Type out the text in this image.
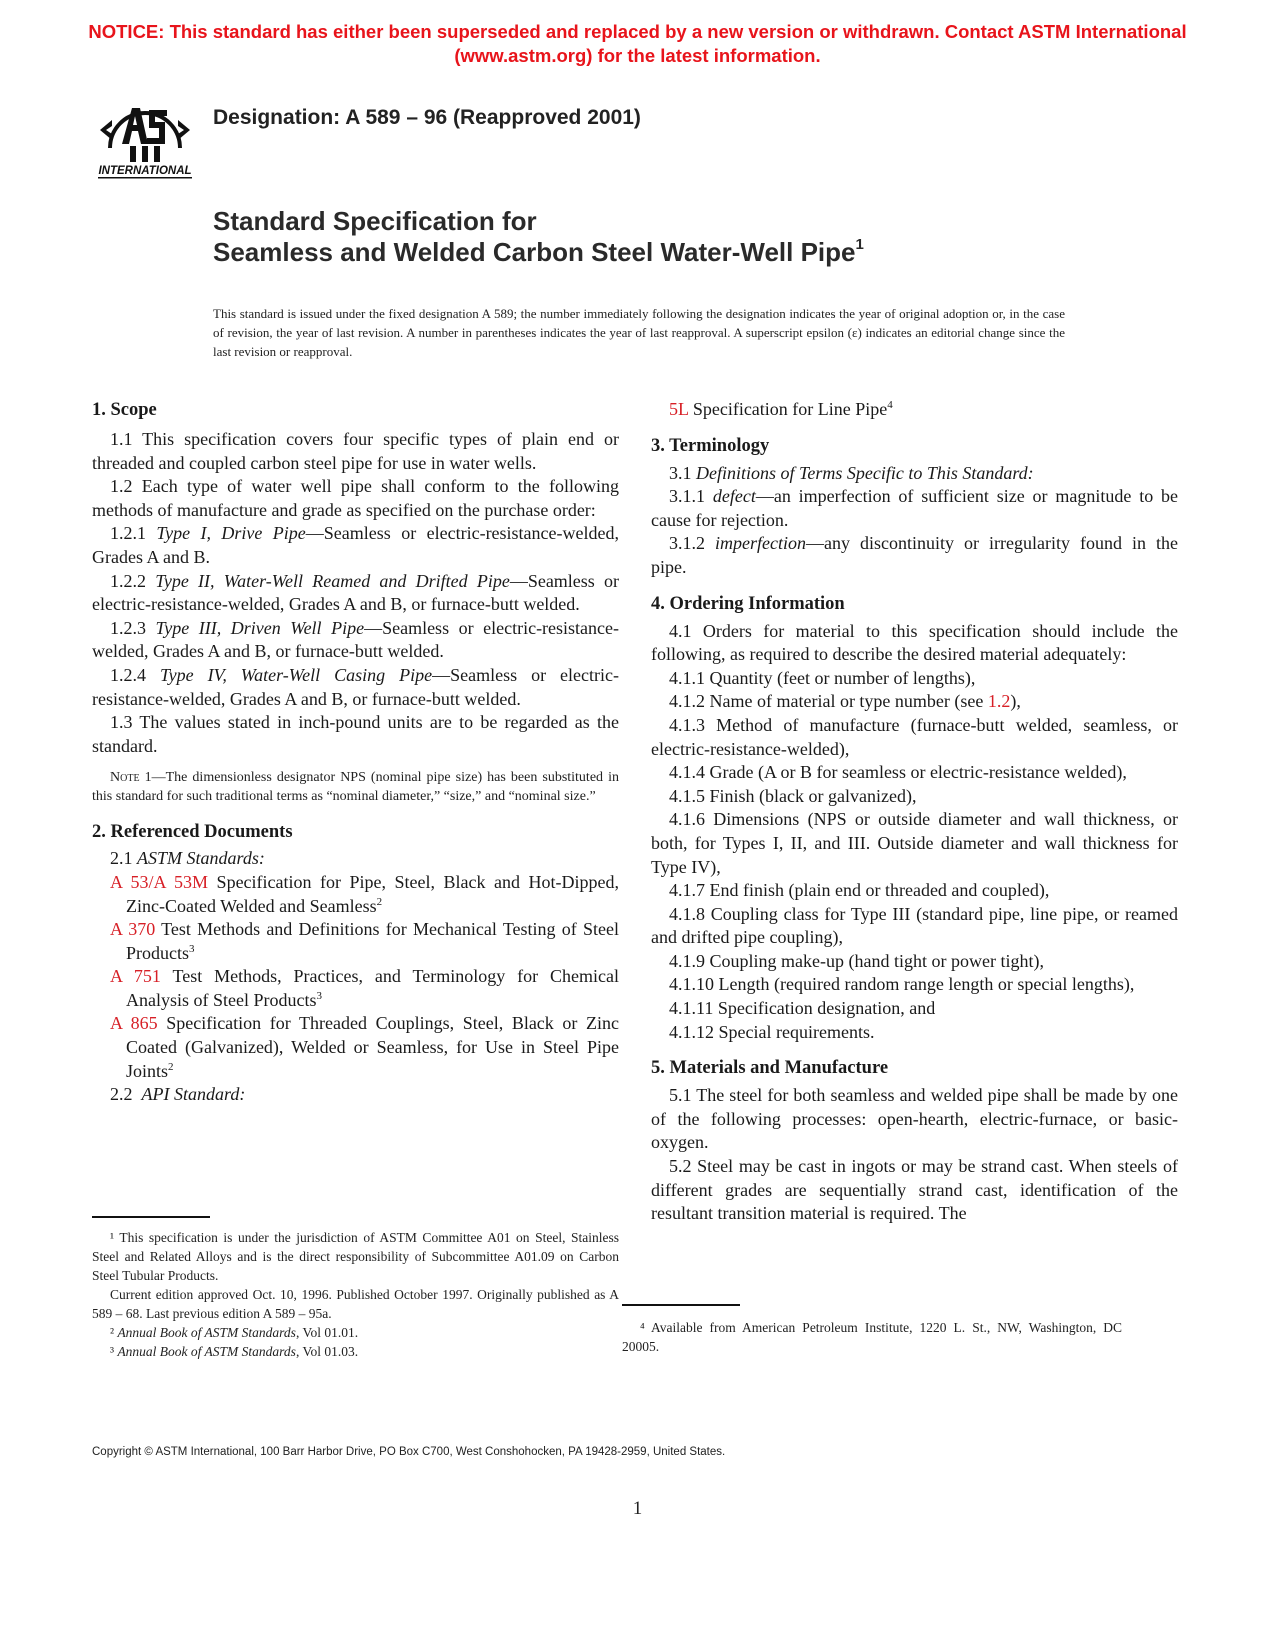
NOTICE: This standard has either been superseded and replaced by a new version or withdrawn. Contact ASTM International (www.astm.org) for the latest information.
INTERNATIONAL
Designation: A 589 – 96 (Reapproved 2001)
Standard Specification for
Seamless and Welded Carbon Steel Water-Well Pipe$^1$
This standard is issued under the fixed designation A 589; the number immediately following the designation indicates the year of original adoption or, in the case of revision, the year of last revision. A number in parentheses indicates the year of last reapproval. A superscript epsilon (ε) indicates an editorial change since the last revision or reapproval.
1. Scope

1.1 This specification covers four specific types of plain end or threaded and coupled carbon steel pipe for use in water wells.

1.2 Each type of water well pipe shall conform to the following methods of manufacture and grade as specified on the purchase order:

1.2.1 Type I, Drive Pipe—Seamless or electric-resistance-welded, Grades A and B.

1.2.2 Type II, Water-Well Reamed and Drifted Pipe—Seamless or electric-resistance-welded, Grades A and B, or furnace-butt welded.

1.2.3 Type III, Driven Well Pipe—Seamless or electric-resistance-welded, Grades A and B, or furnace-butt welded.

1.2.4 Type IV, Water-Well Casing Pipe—Seamless or electric-resistance-welded, Grades A and B, or furnace-butt welded.

1.3 The values stated in inch-pound units are to be regarded as the standard.

Note 1—The dimensionless designator NPS (nominal pipe size) has been substituted in this standard for such traditional terms as “nominal diameter,” “size,” and “nominal size.”

2. Referenced Documents

2.1 ASTM Standards:

A 53/A 53M Specification for Pipe, Steel, Black and Hot-Dipped, Zinc-Coated Welded and Seamless$^2$

A 370 Test Methods and Definitions for Mechanical Testing of Steel Products$^3$

A 751 Test Methods, Practices, and Terminology for Chemical Analysis of Steel Products$^3$

A 865 Specification for Threaded Couplings, Steel, Black or Zinc Coated (Galvanized), Welded or Seamless, for Use in Steel Pipe Joints$^2$

2.2 API Standard:

¹ This specification is under the jurisdiction of ASTM Committee A01 on Steel, Stainless Steel and Related Alloys and is the direct responsibility of Subcommittee A01.09 on Carbon Steel Tubular Products.

Current edition approved Oct. 10, 1996. Published October 1997. Originally published as A 589 – 68. Last previous edition A 589 – 95a.

² Annual Book of ASTM Standards, Vol 01.01.

³ Annual Book of ASTM Standards, Vol 01.03.

5L Specification for Line Pipe$^4$

3. Terminology

3.1 Definitions of Terms Specific to This Standard:

3.1.1 defect—an imperfection of sufficient size or magnitude to be cause for rejection.

3.1.2 imperfection—any discontinuity or irregularity found in the pipe.

4. Ordering Information

4.1 Orders for material to this specification should include the following, as required to describe the desired material adequately:

4.1.1 Quantity (feet or number of lengths),

4.1.2 Name of material or type number (see 1.2),

4.1.3 Method of manufacture (furnace-butt welded, seamless, or electric-resistance-welded),

4.1.4 Grade (A or B for seamless or electric-resistance welded),

4.1.5 Finish (black or galvanized),

4.1.6 Dimensions (NPS or outside diameter and wall thickness, or both, for Types I, II, and III. Outside diameter and wall thickness for Type IV),

4.1.7 End finish (plain end or threaded and coupled),

4.1.8 Coupling class for Type III (standard pipe, line pipe, or reamed and drifted pipe coupling),

4.1.9 Coupling make-up (hand tight or power tight),

4.1.10 Length (required random range length or special lengths),

4.1.11 Specification designation, and

4.1.12 Special requirements.

5. Materials and Manufacture

5.1 The steel for both seamless and welded pipe shall be made by one of the following processes: open-hearth, electric-furnace, or basic-oxygen.

5.2 Steel may be cast in ingots or may be strand cast. When steels of different grades are sequentially strand cast, identification of the resultant transition material is required. The

⁴ Available from American Petroleum Institute, 1220 L. St., NW, Washington, DC 20005.

Copyright © ASTM International, 100 Barr Harbor Drive, PO Box C700, West Conshohocken, PA 19428-2959, United States.
1
